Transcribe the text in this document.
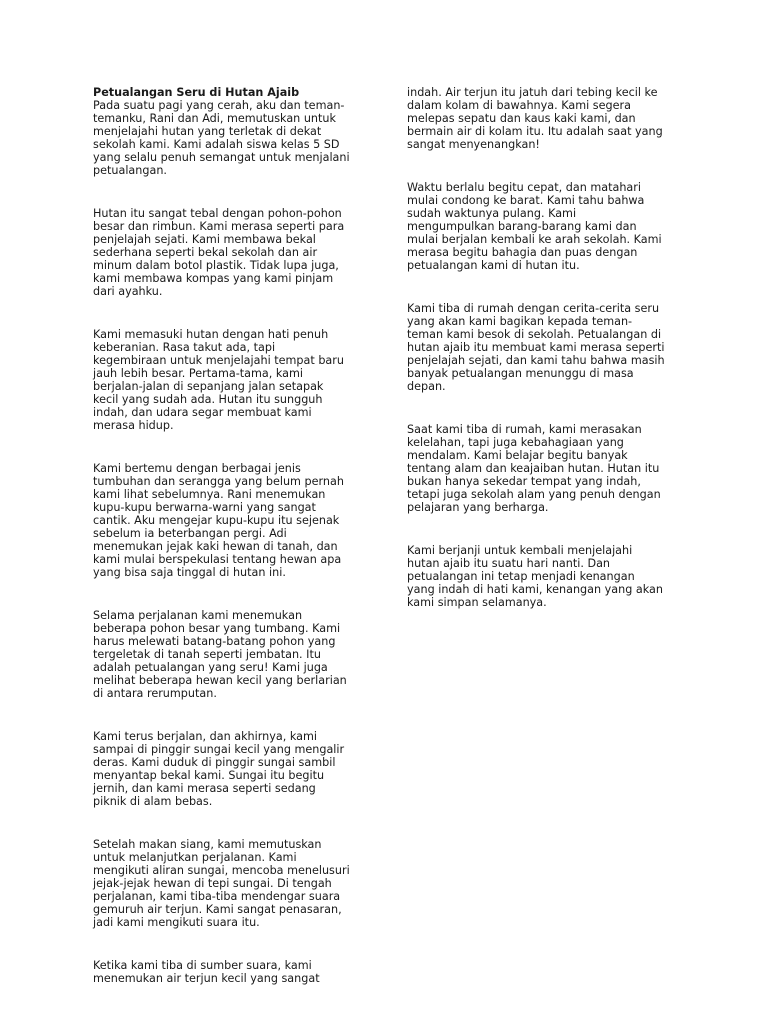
Petualangan Seru di Hutan Ajaib

Pada suatu pagi yang cerah, aku dan teman-
temanku, Rani dan Adi, memutuskan untuk
menjelajahi hutan yang terletak di dekat
sekolah kami. Kami adalah siswa kelas 5 SD
yang selalu penuh semangat untuk menjalani
petualangan.

Hutan itu sangat tebal dengan pohon-pohon
besar dan rimbun. Kami merasa seperti para
penjelajah sejati. Kami membawa bekal
sederhana seperti bekal sekolah dan air
minum dalam botol plastik. Tidak lupa juga,
kami membawa kompas yang kami pinjam
dari ayahku.

Kami memasuki hutan dengan hati penuh
keberanian. Rasa takut ada, tapi
kegembiraan untuk menjelajahi tempat baru
jauh lebih besar. Pertama-tama, kami
berjalan-jalan di sepanjang jalan setapak
kecil yang sudah ada. Hutan itu sungguh
indah, dan udara segar membuat kami
merasa hidup.

Kami bertemu dengan berbagai jenis
tumbuhan dan serangga yang belum pernah
kami lihat sebelumnya. Rani menemukan
kupu-kupu berwarna-warni yang sangat
cantik. Aku mengejar kupu-kupu itu sejenak
sebelum ia beterbangan pergi. Adi
menemukan jejak kaki hewan di tanah, dan
kami mulai berspekulasi tentang hewan apa
yang bisa saja tinggal di hutan ini.

Selama perjalanan kami menemukan
beberapa pohon besar yang tumbang. Kami
harus melewati batang-batang pohon yang
tergeletak di tanah seperti jembatan. Itu
adalah petualangan yang seru! Kami juga
melihat beberapa hewan kecil yang berlarian
di antara rerumputan.

Kami terus berjalan, dan akhirnya, kami
sampai di pinggir sungai kecil yang mengalir
deras. Kami duduk di pinggir sungai sambil
menyantap bekal kami. Sungai itu begitu
jernih, dan kami merasa seperti sedang
piknik di alam bebas.

Setelah makan siang, kami memutuskan
untuk melanjutkan perjalanan. Kami
mengikuti aliran sungai, mencoba menelusuri
jejak-jejak hewan di tepi sungai. Di tengah
perjalanan, kami tiba-tiba mendengar suara
gemuruh air terjun. Kami sangat penasaran,
jadi kami mengikuti suara itu.

Ketika kami tiba di sumber suara, kami
menemukan air terjun kecil yang sangat

indah. Air terjun itu jatuh dari tebing kecil ke
dalam kolam di bawahnya. Kami segera
melepas sepatu dan kaus kaki kami, dan
bermain air di kolam itu. Itu adalah saat yang
sangat menyenangkan!

Waktu berlalu begitu cepat, dan matahari
mulai condong ke barat. Kami tahu bahwa
sudah waktunya pulang. Kami
mengumpulkan barang-barang kami dan
mulai berjalan kembali ke arah sekolah. Kami
merasa begitu bahagia dan puas dengan
petualangan kami di hutan itu.

Kami tiba di rumah dengan cerita-cerita seru
yang akan kami bagikan kepada teman-
teman kami besok di sekolah. Petualangan di
hutan ajaib itu membuat kami merasa seperti
penjelajah sejati, dan kami tahu bahwa masih
banyak petualangan menunggu di masa
depan.

Saat kami tiba di rumah, kami merasakan
kelelahan, tapi juga kebahagiaan yang
mendalam. Kami belajar begitu banyak
tentang alam dan keajaiban hutan. Hutan itu
bukan hanya sekedar tempat yang indah,
tetapi juga sekolah alam yang penuh dengan
pelajaran yang berharga.

Kami berjanji untuk kembali menjelajahi
hutan ajaib itu suatu hari nanti. Dan
petualangan ini tetap menjadi kenangan
yang indah di hati kami, kenangan yang akan
kami simpan selamanya.
